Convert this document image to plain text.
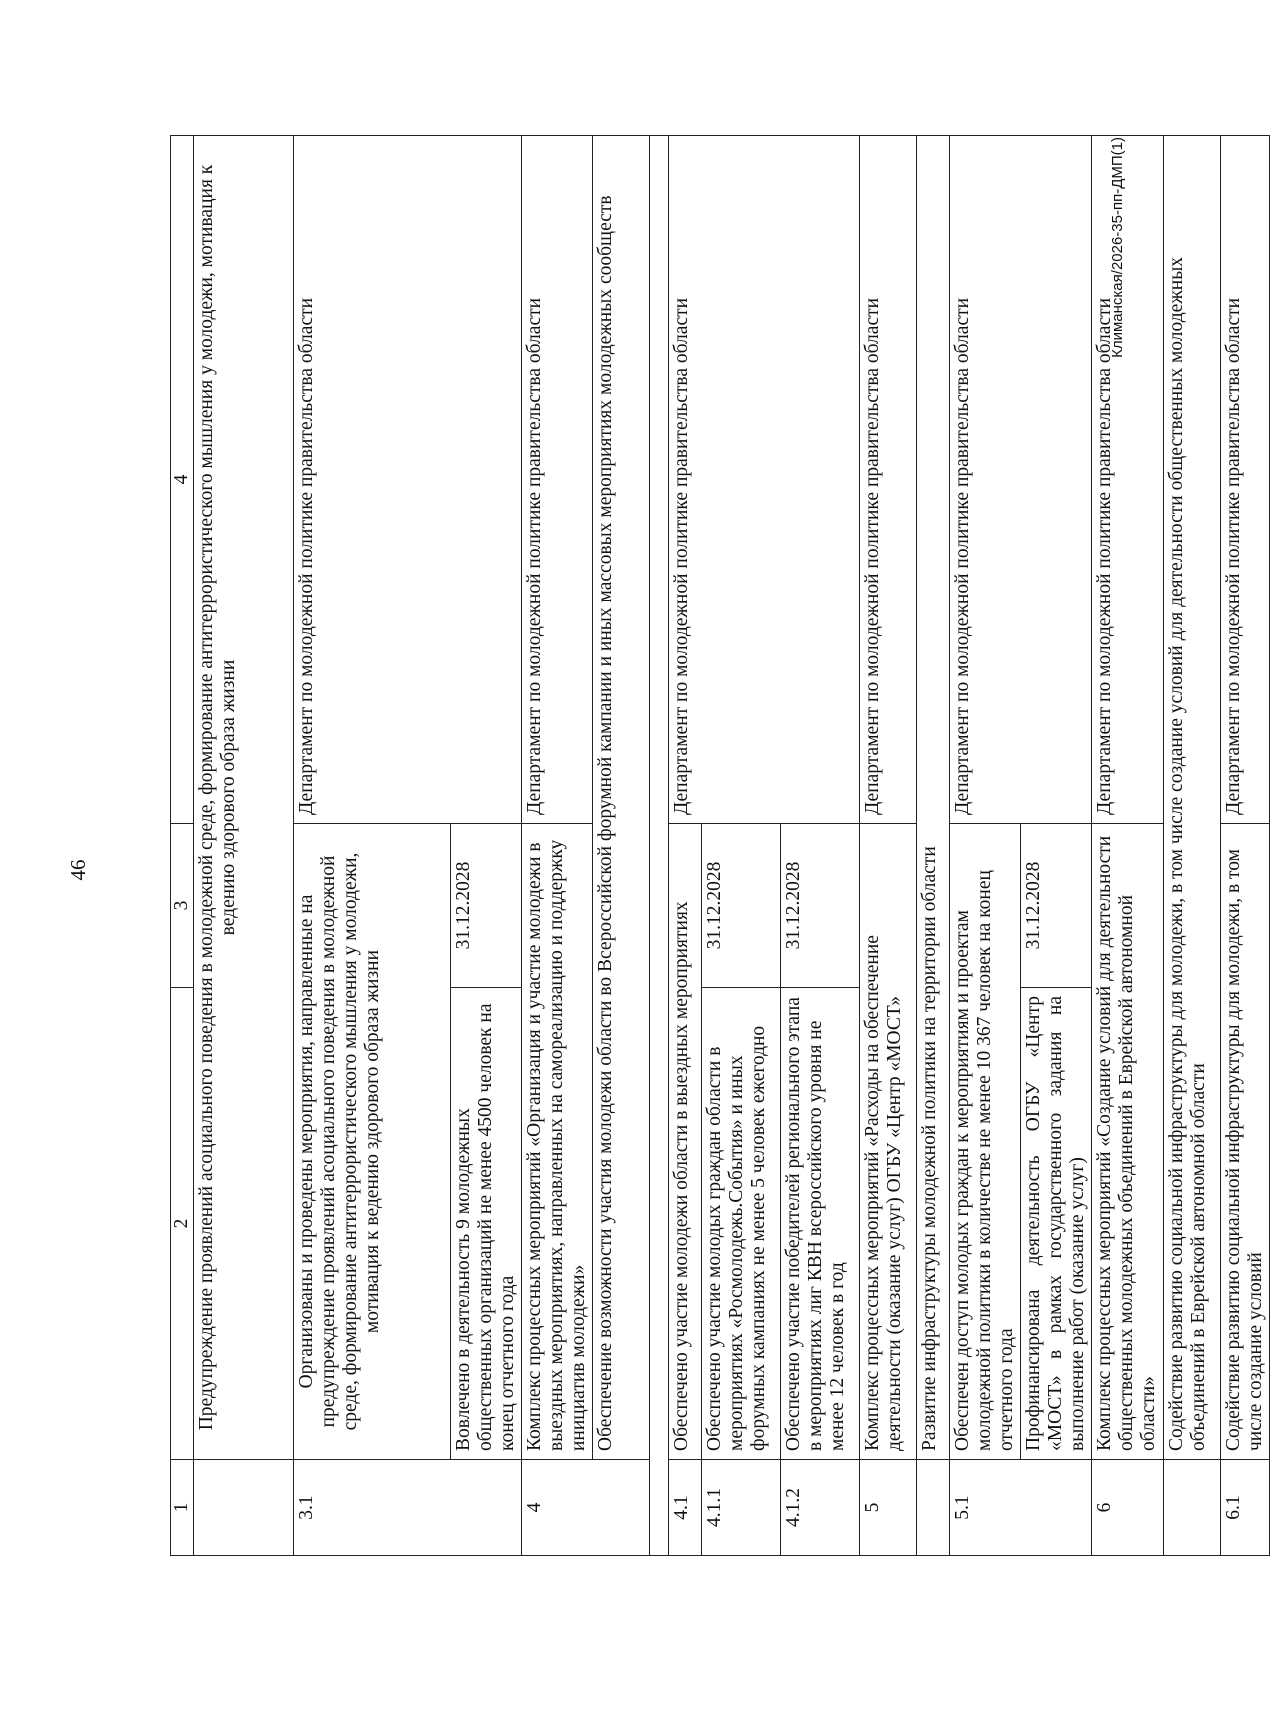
46
1	2	3	4
	Предупреждение проявлений асоциального поведения в молодежной среде, формирование антитеррористического мышления у молодежи, мотивация к ведению здорового образа жизни		
3.1	Организованы и проведены мероприятия, направленные на предупреждение проявлений асоциального поведения в молодежной среде, формирование антитеррористического мышления у молодежи, мотивация к ведению здорового образа жизни		Департамент по молодежной политике правительства области
	Вовлечено в деятельность 9 молодежных общественных организаций не менее 4500 человек на конец отчетного года	31.12.2028	
4	Комплекс процессных мероприятий «Организация и участие молодежи в выездных мероприятиях, направленных на самореализацию и поддержку инициатив молодежи»		Департамент по молодежной политике правительства области
	Обеспечение возможности участия молодежи области во Всероссийской форумной кампании и иных массовых мероприятиях молодежных сообществ		

4.1	Обеспечено участие молодежи области в выездных мероприятиях		Департамент по молодежной политике правительства области
4.1.1	Обеспечено участие молодых граждан области в мероприятиях «Росмолодежь.События» и иных форумных кампаниях не менее 5 человек ежегодно	31.12.2028	
4.1.2	Обеспечено участие победителей регионального этапа в мероприятиях лиг КВН всероссийского уровня не менее 12 человек в год	31.12.2028	
5	Комплекс процессных мероприятий «Расходы на обеспечение деятельности (оказание услуг) ОГБУ «Центр «МОСТ»		Департамент по молодежной политике правительства области
	Развитие инфраструктуры молодежной политики на территории области		
5.1	Обеспечен доступ молодых граждан к мероприятиям и проектам молодежной политики в количестве не менее 10 367 человек на конец отчетного года		Департамент по молодежной политике правительства области
	Профинансирована деятельность ОГБУ «Центр «МОСТ» в рамках государственного задания на выполнение работ (оказание услуг)	31.12.2028	
6	Комплекс процессных мероприятий «Создание условий для деятельности общественных молодежных объединений в Еврейской автономной области»		Департамент по молодежной политике правительства области
	Содействие развитию социальной инфраструктуры для молодежи, в том числе создание условий для деятельности общественных молодежных объединений в Еврейской автономной области		
6.1	Содействие развитию социальной инфраструктуры для молодежи, в том числе создание условий		Департамент по молодежной политике правительства области
Климанская/2026-35-пп-ДМП(1)
